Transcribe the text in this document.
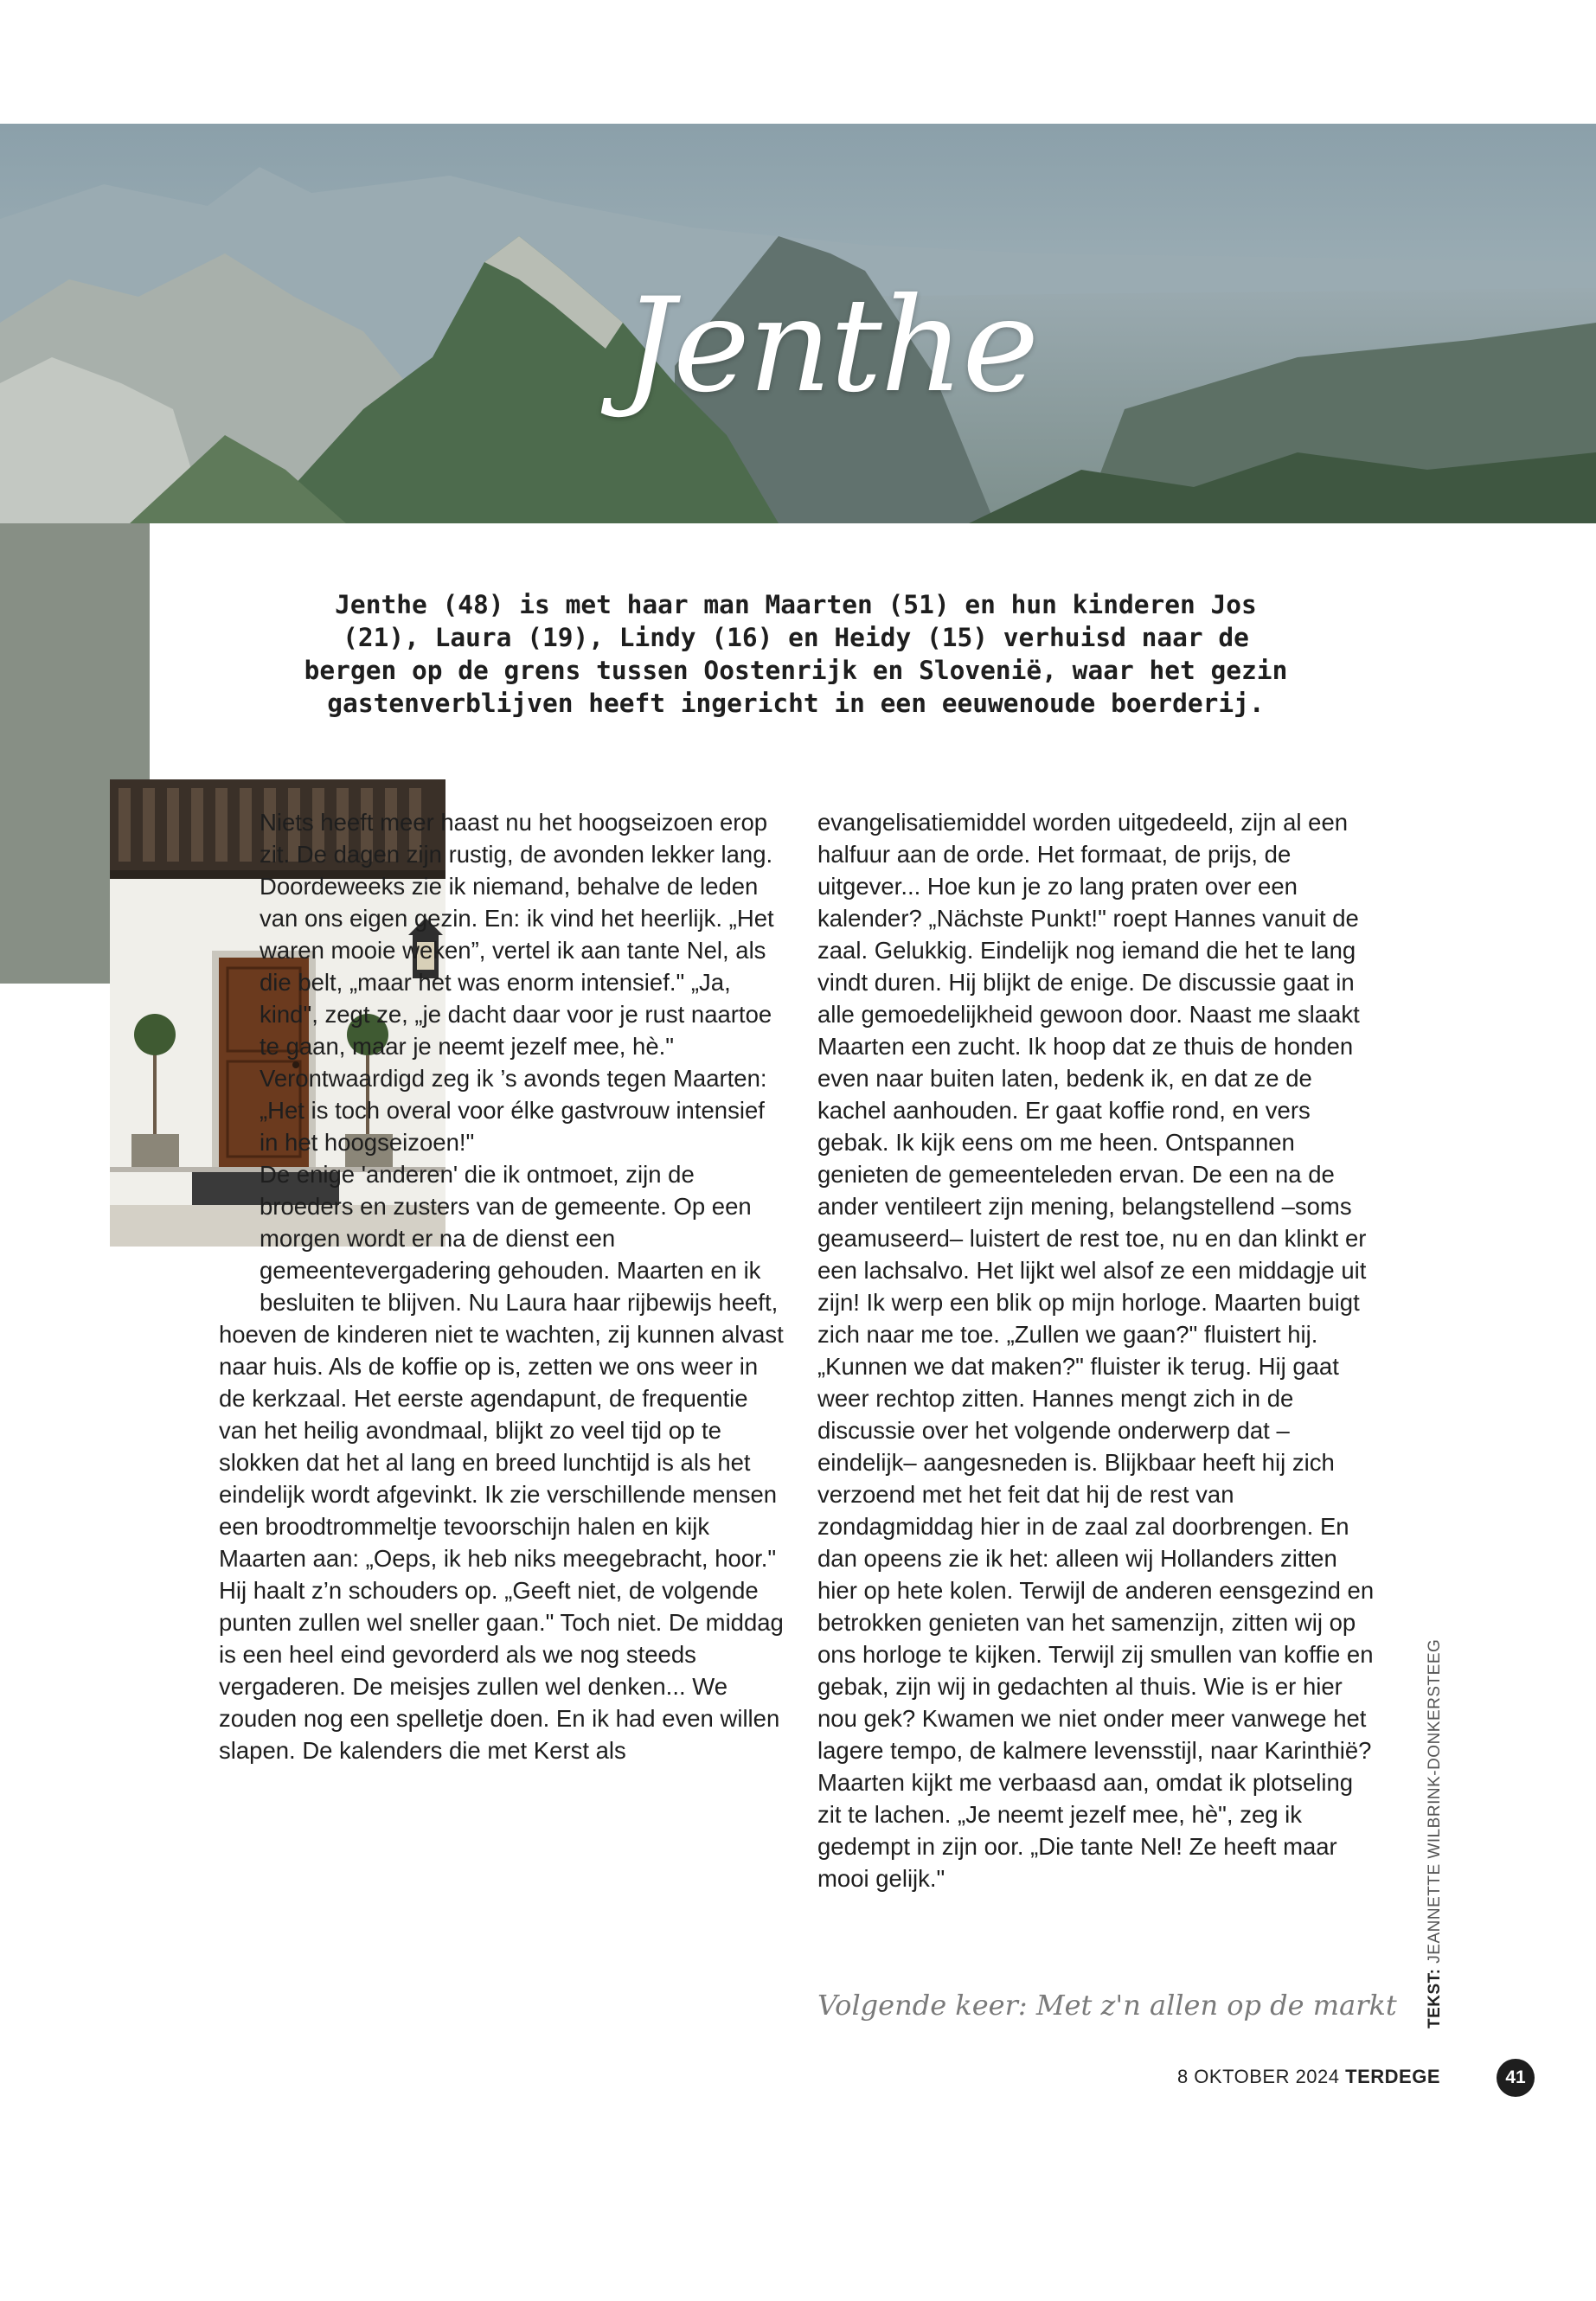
Jenthe
Jenthe (48) is met haar man Maarten (51) en hun kinderen Jos (21), Laura (19), Lindy (16) en Heidy (15) verhuisd naar de bergen op de grens tussen Oostenrijk en Slovenië, waar het gezin gastenverblijven heeft ingericht in een eeuwenoude boerderij.

Niets heeft meer haast nu het hoogseizoen erop zit. De dagen zijn rustig, de avonden lekker lang. Doordeweeks zie ik niemand, behalve de leden van ons eigen gezin. En: ik vind het heerlijk. „Het waren mooie weken”, vertel ik aan tante Nel, als die belt, „maar het was enorm intensief." „Ja, kind", zegt ze, „je dacht daar voor je rust naartoe te gaan, maar je neemt jezelf mee, hè." Verontwaardigd zeg ik ’s avonds tegen Maarten: „Het is toch overal voor élke gastvrouw intensief in het hoogseizoen!"

De enige 'anderen' die ik ontmoet, zijn de broeders en zusters van de gemeente. Op een morgen wordt er na de dienst een gemeentevergadering gehouden. Maarten en ik besluiten te blijven. Nu Laura haar rijbewijs heeft, hoeven de kinderen niet te wachten, zij kunnen alvast naar huis. Als de koffie op is, zetten we ons weer in de kerkzaal. Het eerste agendapunt, de frequentie van het heilig avondmaal, blijkt zo veel tijd op te slokken dat het al lang en breed lunchtijd is als het eindelijk wordt afgevinkt. Ik zie verschillende mensen een broodtrommeltje tevoorschijn halen en kijk Maarten aan: „Oeps, ik heb niks meegebracht, hoor." Hij haalt z’n schouders op. „Geeft niet, de volgende punten zullen wel sneller gaan." Toch niet. De middag is een heel eind gevorderd als we nog steeds vergaderen. De meisjes zullen wel denken... We zouden nog een spelletje doen. En ik had even willen slapen. De kalenders die met Kerst als

evangelisatiemiddel worden uitgedeeld, zijn al een halfuur aan de orde. Het formaat, de prijs, de uitgever... Hoe kun je zo lang praten over een kalender? „Nächste Punkt!" roept Hannes vanuit de zaal. Gelukkig. Eindelijk nog iemand die het te lang vindt duren. Hij blijkt de enige. De discussie gaat in alle gemoedelijkheid gewoon door. Naast me slaakt Maarten een zucht. Ik hoop dat ze thuis de honden even naar buiten laten, bedenk ik, en dat ze de kachel aanhouden. Er gaat koffie rond, en vers gebak. Ik kijk eens om me heen. Ontspannen genieten de gemeenteleden ervan. De een na de ander ventileert zijn mening, belangstellend –soms geamuseerd– luistert de rest toe, nu en dan klinkt er een lachsalvo. Het lijkt wel alsof ze een middagje uit zijn! Ik werp een blik op mijn horloge. Maarten buigt zich naar me toe. „Zullen we gaan?" fluistert hij. „Kunnen we dat maken?" fluister ik terug. Hij gaat weer rechtop zitten. Hannes mengt zich in de discussie over het volgende onderwerp dat – eindelijk– aangesneden is. Blijkbaar heeft hij zich verzoend met het feit dat hij de rest van zondagmiddag hier in de zaal zal doorbrengen. En dan opeens zie ik het: alleen wij Hollanders zitten hier op hete kolen. Terwijl de anderen eensgezind en betrokken genieten van het samenzijn, zitten wij op ons horloge te kijken. Terwijl zij smullen van koffie en gebak, zijn wij in gedachten al thuis. Wie is er hier nou gek? Kwamen we niet onder meer vanwege het lagere tempo, de kalmere levensstijl, naar Karinthië? Maarten kijkt me verbaasd aan, omdat ik plotseling zit te lachen. „Je neemt jezelf mee, hè", zeg ik gedempt in zijn oor. „Die tante Nel! Ze heeft maar mooi gelijk."

Volgende keer: Met z'n allen op de markt TEKST: JEANNETTE WILBRINK-DONKERSTEEG
8 OKTOBER 2024 TERDEGE	41
